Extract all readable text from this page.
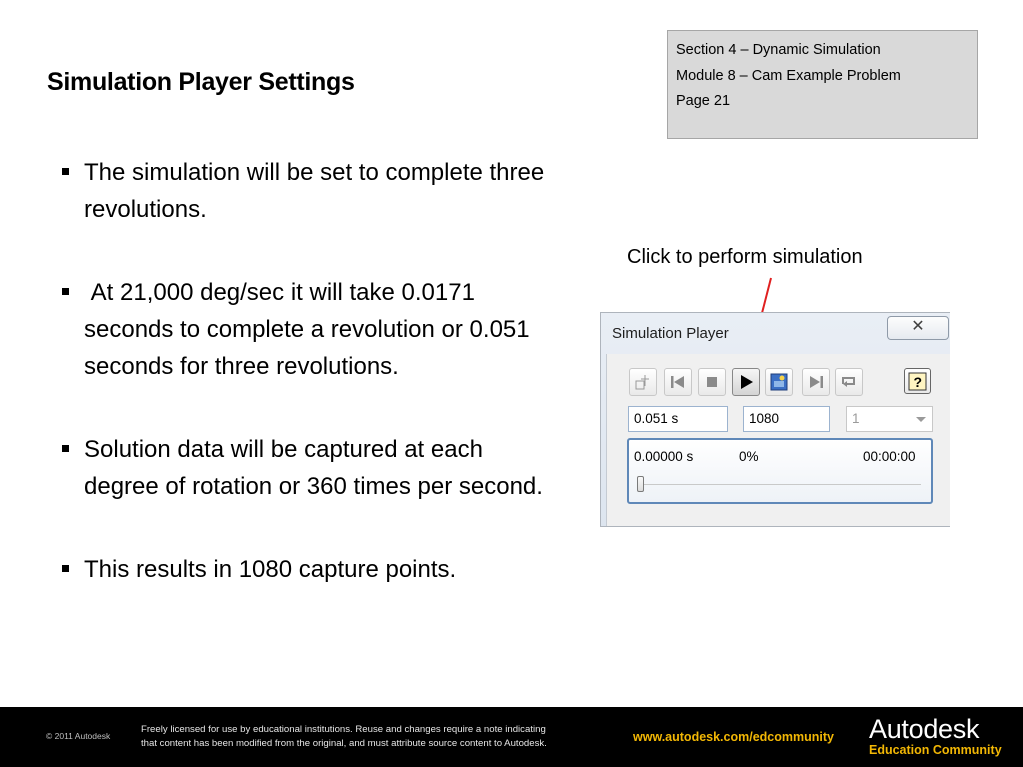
Simulation Player Settings
Section 4 – Dynamic Simulation
Module 8 – Cam Example Problem
Page 21
The simulation will be set to complete three revolutions.
At 21,000 deg/sec it will take 0.0171 seconds to complete a revolution or 0.051 seconds for three revolutions.
Solution data will be captured at each degree of rotation or 360 times per second.
This results in 1080 capture points.
Click to perform simulation
Simulation Player	✕
?
0.051 s	1080	1
0.00000 s	0%	00:00:00
© 2011 Autodesk
Freely licensed for use by educational institutions. Reuse and changes require a note indicating
that content has been modified from the original, and must attribute source content to Autodesk.	www.autodesk.com/edcommunity Autodesk
Education Community
